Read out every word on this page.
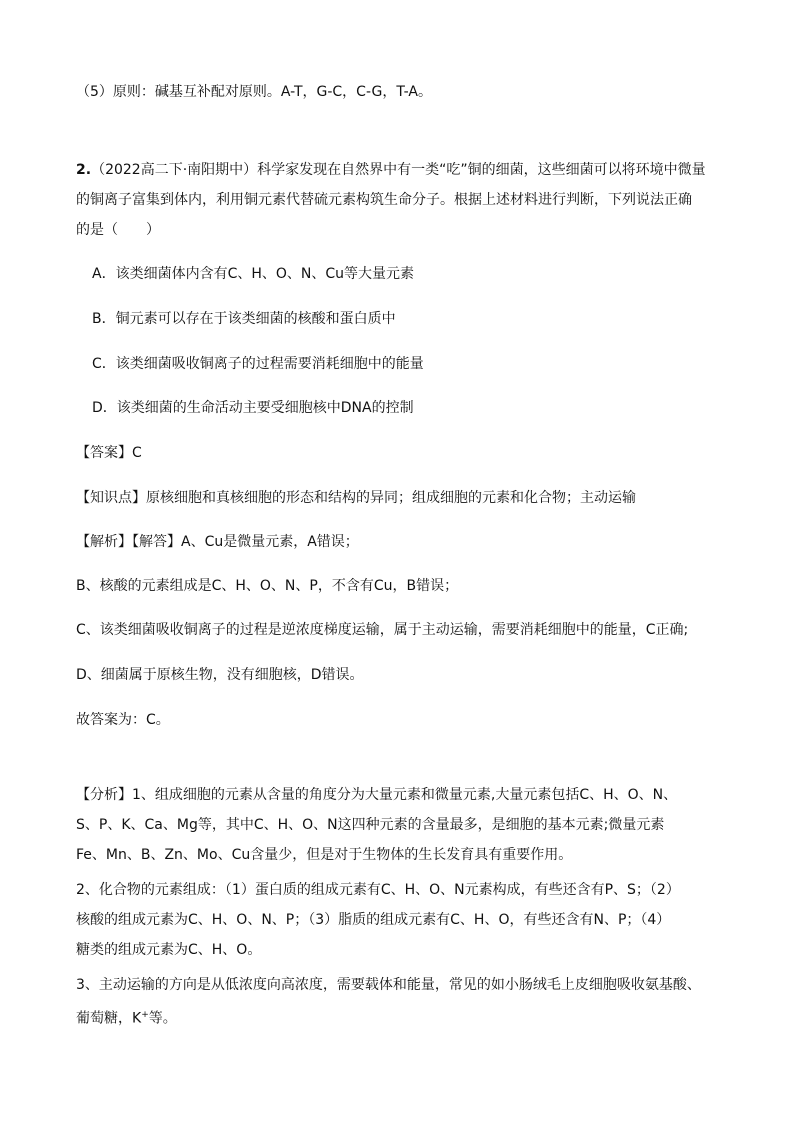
（5）原则：碱基互补配对原则。A-T，G-C，C-G，T-A。
2.（2022高二下·南阳期中）科学家发现在自然界中有一类“吃”铜的细菌，这些细菌可以将环境中微量
的铜离子富集到体内，利用铜元素代替硫元素构筑生命分子。根据上述材料进行判断，下列说法正确
的是（　　）
A．该类细菌体内含有C、H、O、N、Cu等大量元素
B．铜元素可以存在于该类细菌的核酸和蛋白质中
C．该类细菌吸收铜离子的过程需要消耗细胞中的能量
D．该类细菌的生命活动主要受细胞核中DNA的控制
【答案】C
【知识点】原核细胞和真核细胞的形态和结构的异同；组成细胞的元素和化合物；主动运输
【解析】【解答】A、Cu是微量元素，A错误；
B、核酸的元素组成是C、H、O、N、P，不含有Cu，B错误；
C、该类细菌吸收铜离子的过程是逆浓度梯度运输，属于主动运输，需要消耗细胞中的能量，C正确;
D、细菌属于原核生物，没有细胞核，D错误。
故答案为：C。
【分析】1、组成细胞的元素从含量的角度分为大量元素和微量元素,大量元素包括C、H、O、N、
S、P、K、Ca、Mg等，其中C、H、O、N这四种元素的含量最多，是细胞的基本元素;微量元素
Fe、Mn、B、Zn、Mo、Cu含量少，但是对于生物体的生长发育具有重要作用。
2、化合物的元素组成：（1）蛋白质的组成元素有C、H、O、N元素构成，有些还含有P、S；（2）
核酸的组成元素为C、H、O、N、P；（3）脂质的组成元素有C、H、O，有些还含有N、P；（4）
糖类的组成元素为C、H、O。
3、主动运输的方向是从低浓度向高浓度，需要载体和能量，常见的如小肠绒毛上皮细胞吸收氨基酸、
葡萄糖，K+等。
